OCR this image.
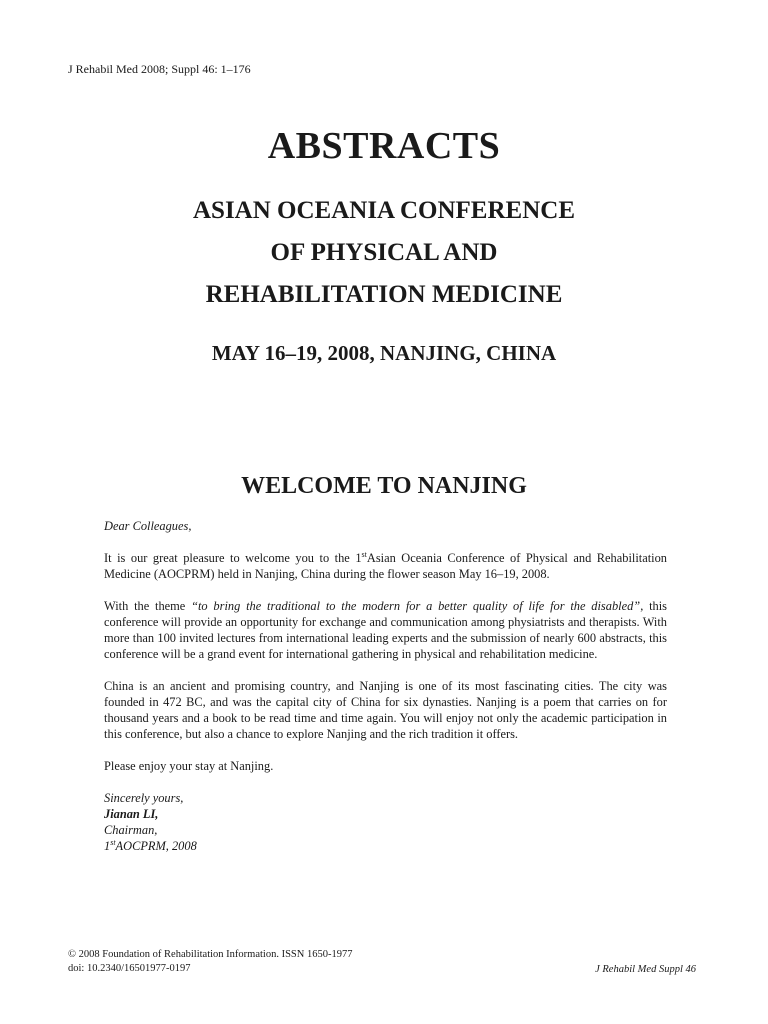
J Rehabil Med 2008; Suppl 46: 1–176
ABSTRACTS
ASIAN OCEANIA CONFERENCE
OF PHYSICAL AND
REHABILITATION MEDICINE
MAY 16–19, 2008, NANJING, CHINA
WELCOME TO NANJING

Dear Colleagues,

It is our great pleasure to welcome you to the 1stAsian Oceania Conference of Physical and Rehabilitation Medicine (AOCPRM) held in Nanjing, China during the flower season May 16–19, 2008.

With the theme “to bring the traditional to the modern for a better quality of life for the disabled”, this conference will provide an opportunity for exchange and communication among physiatrists and therapists. With more than 100 invited lectures from international leading experts and the submission of nearly 600 abstracts, this conference will be a grand event for international gathering in physical and rehabilitation medicine.

China is an ancient and promising country, and Nanjing is one of its most fascinating cities. The city was founded in 472 BC, and was the capital city of China for six dynasties. Nanjing is a poem that carries on for thousand years and a book to be read time and time again. You will enjoy not only the academic participation in this conference, but also a chance to explore Nanjing and the rich tradition it offers.

Please enjoy your stay at Nanjing.

Sincerely yours,
Jianan LI,
Chairman,
1stAOCPRM, 2008
© 2008 Foundation of Rehabilitation Information. ISSN 1650-1977
doi: 10.2340/16501977-0197	J Rehabil Med Suppl 46
